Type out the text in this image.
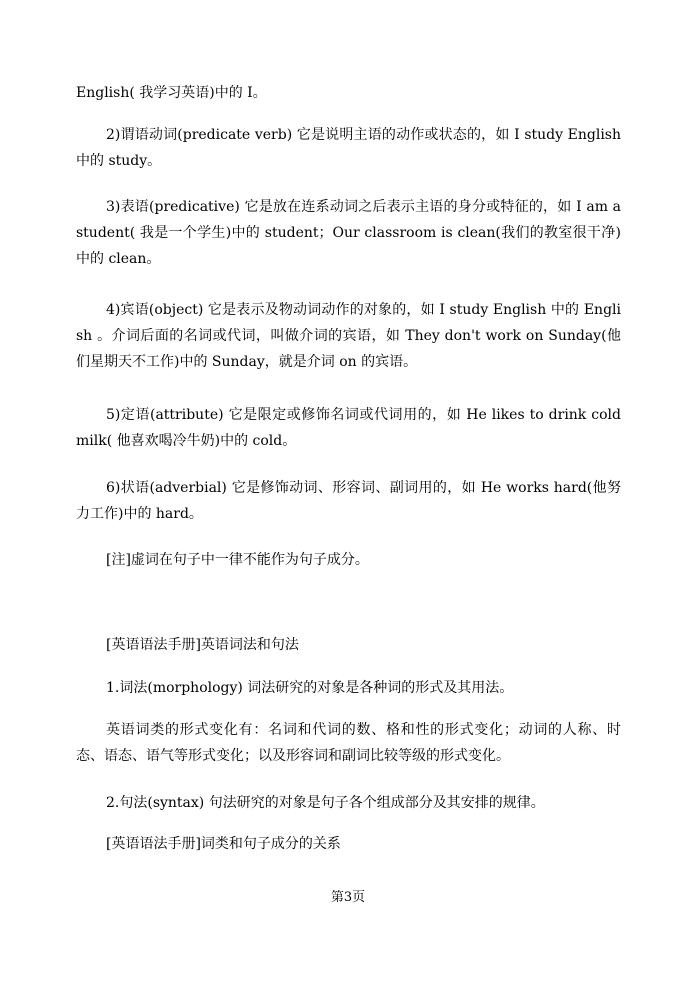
English( 我学习英语)中的 I。

2)谓语动词(predicate verb) 它是说明主语的动作或状态的，如 I study English 中的 study。

3)表语(predicative) 它是放在连系动词之后表示主语的身分或特征的，如 I am a student( 我是一个学生)中的 student；Our classroom is clean(我们的教室很干净)中的 clean。

4)宾语(object) 它是表示及物动词动作的对象的，如 I study English 中的 English 。介词后面的名词或代词，叫做介词的宾语，如 They don't work on Sunday(他们星期天不工作)中的 Sunday，就是介词 on 的宾语。

5)定语(attribute) 它是限定或修饰名词或代词用的，如 He likes to drink cold milk( 他喜欢喝冷牛奶)中的 cold。

6)状语(adverbial) 它是修饰动词、形容词、副词用的，如 He works hard(他努力工作)中的 hard。

[注]虚词在句子中一律不能作为句子成分。

[英语语法手册]英语词法和句法

1.词法(morphology) 词法研究的对象是各种词的形式及其用法。

英语词类的形式变化有：名词和代词的数、格和性的形式变化；动词的人称、时态、语态、语气等形式变化；以及形容词和副词比较等级的形式变化。

2.句法(syntax) 句法研究的对象是句子各个组成部分及其安排的规律。

[英语语法手册]词类和句子成分的关系

第3页
